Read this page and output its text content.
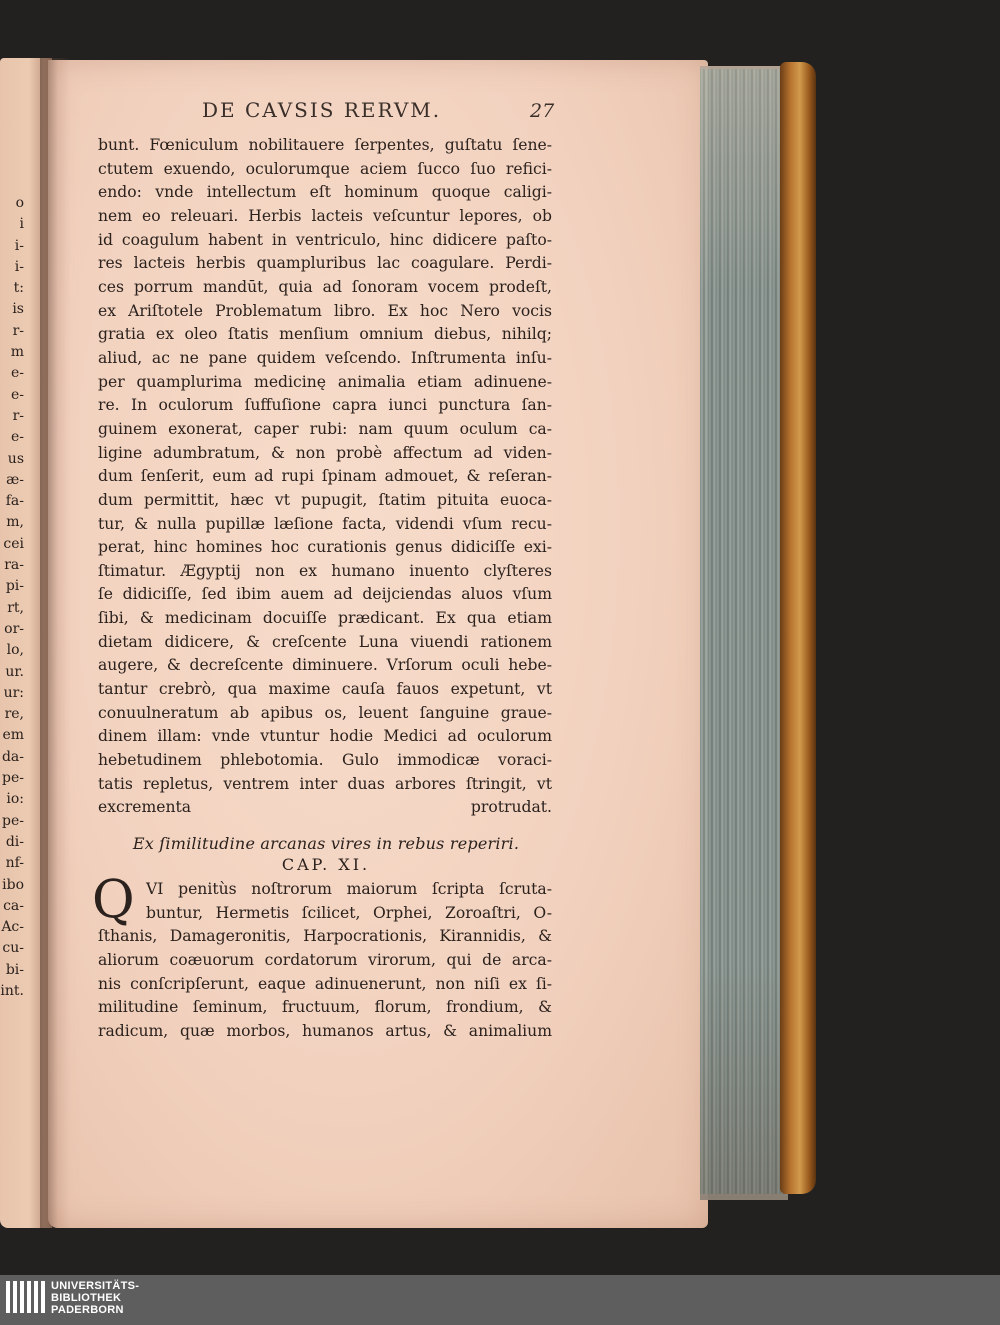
o
i
i-
i-
t:
is
r-
m
e-
e-
r-
e-
us
æ-
fa-
m,
cei
ra-
pi-
rt,
or-
lo,
ur.
ur:
re,
em
da-
pe-
io:
pe-
di-
nf-
ibo
ca-
Ac-
cu-
bi-
int.
DE CAVSIS RERVM.	27
bunt. Fœniculum nobilitauere ſerpentes, guſtatu ſene-
ctutem exuendo, oculorumque aciem ſucco ſuo refici-
endo: vnde intellectum eſt hominum quoque caligi-
nem eo releuari. Herbis lacteis veſcuntur lepores, ob
id coagulum habent in ventriculo, hinc didicere paſto-
res lacteis herbis quampluribus lac coagulare. Perdi-
ces porrum mandūt, quia ad ſonoram vocem prodeſt,
ex Ariſtotele Problematum libro. Ex hoc Nero vocis
gratia ex oleo ſtatis menſium omnium diebus, nihilq;
aliud, ac ne pane quidem veſcendo. Inſtrumenta inſu-
per quamplurima medicinę animalia etiam adinuene-
re. In oculorum ſuffuſione capra iunci punctura ſan-
guinem exonerat, caper rubi: nam quum oculum ca-
ligine adumbratum, & non probè affectum ad viden-
dum ſenſerit, eum ad rupi ſpinam admouet, & reſeran-
dum permittit, hæc vt pupugit, ſtatim pituita euoca-
tur, & nulla pupillæ læſione facta, videndi vſum recu-
perat, hinc homines hoc curationis genus didiciſſe exi-
ſtimatur. Ægyptij non ex humano inuento clyſteres
ſe didiciſſe, ſed ibim auem ad deijciendas aluos vſum
ſibi, & medicinam docuiſſe prædicant. Ex qua etiam
dietam didicere, & creſcente Luna viuendi rationem
augere, & decreſcente diminuere. Vrſorum oculi hebe-
tantur crebrò, qua maxime cauſa fauos expetunt, vt
conuulneratum ab apibus os, leuent ſanguine graue-
dinem illam: vnde vtuntur hodie Medici ad oculorum
hebetudinem phlebotomia. Gulo immodicæ voraci-
tatis repletus, ventrem inter duas arbores ſtringit, vt
excrementa protrudat.
Ex ſimilitudine arcanas vires in rebus reperiri.
CAP. XI.
Q VI penitùs noſtrorum maiorum ſcripta ſcruta-
buntur, Hermetis ſcilicet, Orphei, Zoroaſtri, O-
ſthanis, Damageronitis, Harpocrationis, Kirannidis, &
aliorum coæuorum cordatorum virorum, qui de arca-
nis conſcripſerunt, eaque adinuenerunt, non niſi ex ſi-
militudine ſeminum, fructuum, florum, frondium, &
radicum, quæ morbos, humanos artus, & animalium
UNIVERSITÄTS-
BIBLIOTHEK
PADERBORN
